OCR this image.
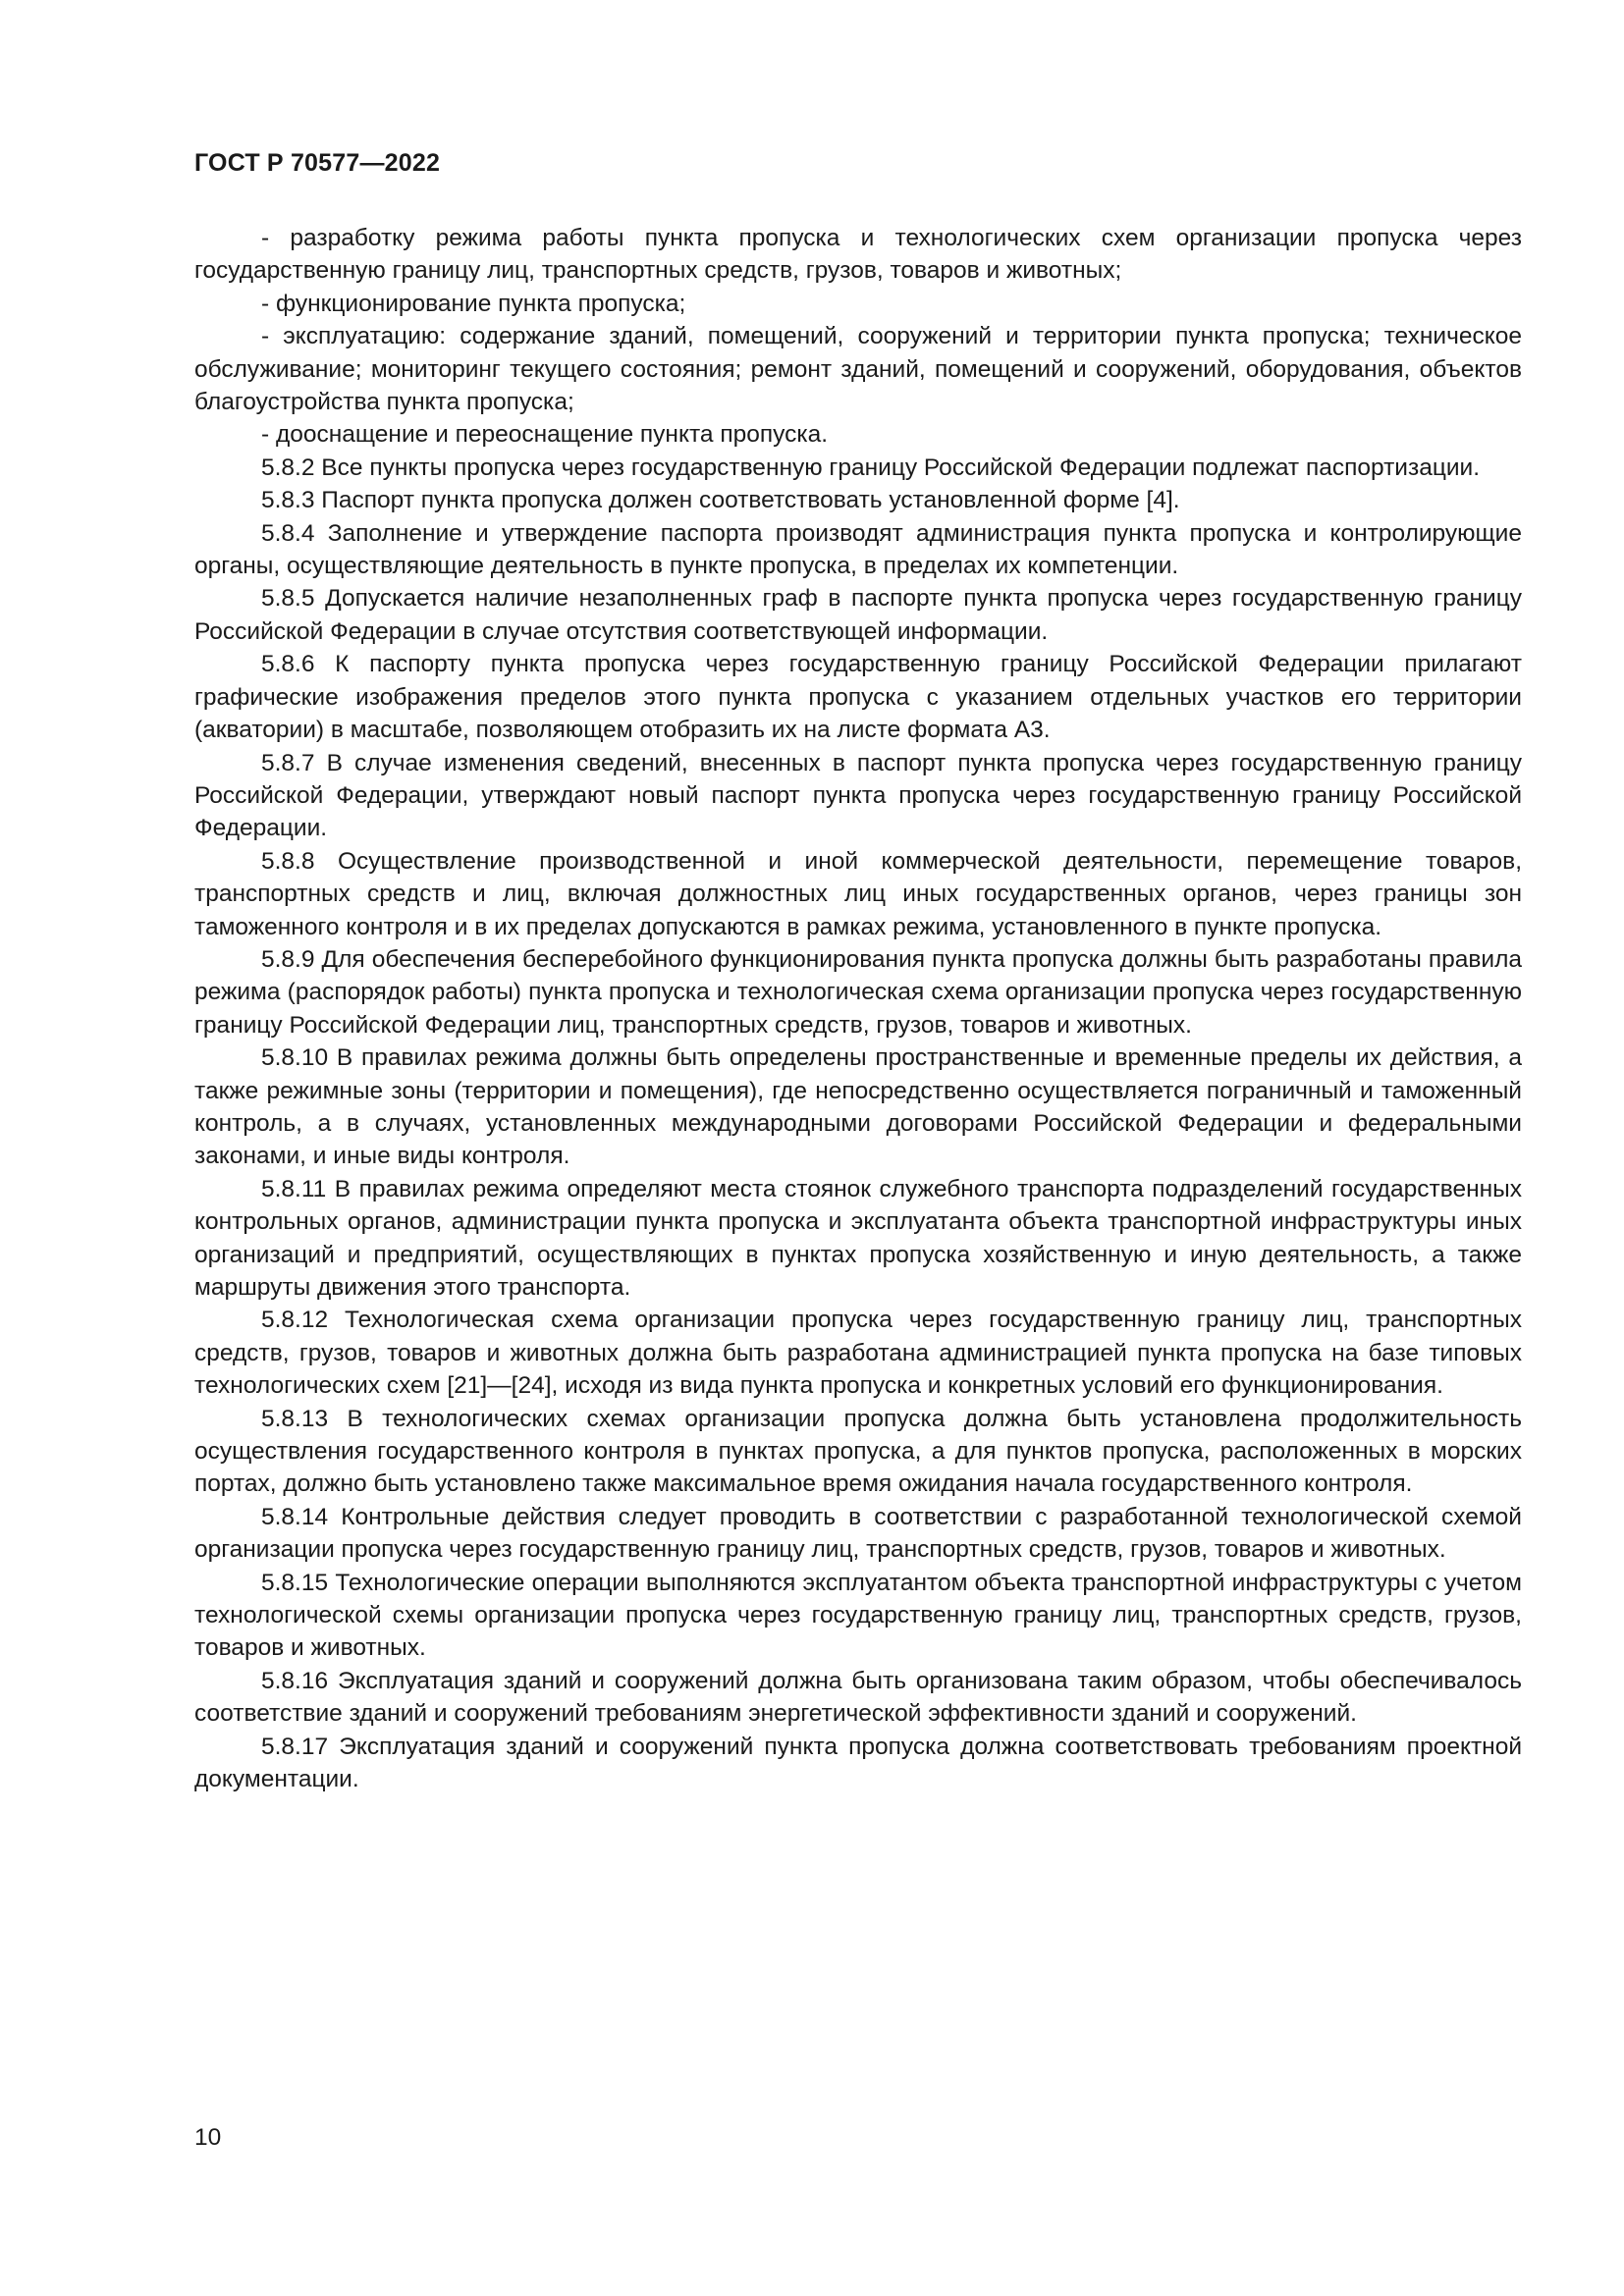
ГОСТ Р 70577—2022

- разработку режима работы пункта пропуска и технологических схем организации пропуска через государственную границу лиц, транспортных средств, грузов, товаров и животных;

- функционирование пункта пропуска;

- эксплуатацию: содержание зданий, помещений, сооружений и территории пункта пропуска; техническое обслуживание; мониторинг текущего состояния; ремонт зданий, помещений и сооружений, оборудования, объектов благоустройства пункта пропуска;

- дооснащение и переоснащение пункта пропуска.

5.8.2 Все пункты пропуска через государственную границу Российской Федерации подлежат паспортизации.

5.8.3 Паспорт пункта пропуска должен соответствовать установленной форме [4].

5.8.4 Заполнение и утверждение паспорта производят администрация пункта пропуска и контролирующие органы, осуществляющие деятельность в пункте пропуска, в пределах их компетенции.

5.8.5 Допускается наличие незаполненных граф в паспорте пункта пропуска через государственную границу Российской Федерации в случае отсутствия соответствующей информации.

5.8.6 К паспорту пункта пропуска через государственную границу Российской Федерации прилагают графические изображения пределов этого пункта пропуска с указанием отдельных участков его территории (акватории) в масштабе, позволяющем отобразить их на листе формата А3.

5.8.7 В случае изменения сведений, внесенных в паспорт пункта пропуска через государственную границу Российской Федерации, утверждают новый паспорт пункта пропуска через государственную границу Российской Федерации.

5.8.8 Осуществление производственной и иной коммерческой деятельности, перемещение товаров, транспортных средств и лиц, включая должностных лиц иных государственных органов, через границы зон таможенного контроля и в их пределах допускаются в рамках режима, установленного в пункте пропуска.

5.8.9 Для обеспечения бесперебойного функционирования пункта пропуска должны быть разработаны правила режима (распорядок работы) пункта пропуска и технологическая схема организации пропуска через государственную границу Российской Федерации лиц, транспортных средств, грузов, товаров и животных.

5.8.10 В правилах режима должны быть определены пространственные и временные пределы их действия, а также режимные зоны (территории и помещения), где непосредственно осуществляется пограничный и таможенный контроль, а в случаях, установленных международными договорами Российской Федерации и федеральными законами, и иные виды контроля.

5.8.11 В правилах режима определяют места стоянок служебного транспорта подразделений государственных контрольных органов, администрации пункта пропуска и эксплуатанта объекта транспортной инфраструктуры иных организаций и предприятий, осуществляющих в пунктах пропуска хозяйственную и иную деятельность, а также маршруты движения этого транспорта.

5.8.12 Технологическая схема организации пропуска через государственную границу лиц, транспортных средств, грузов, товаров и животных должна быть разработана администрацией пункта пропуска на базе типовых технологических схем [21]—[24], исходя из вида пункта пропуска и конкретных условий его функционирования.

5.8.13 В технологических схемах организации пропуска должна быть установлена продолжительность осуществления государственного контроля в пунктах пропуска, а для пунктов пропуска, расположенных в морских портах, должно быть установлено также максимальное время ожидания начала государственного контроля.

5.8.14 Контрольные действия следует проводить в соответствии с разработанной технологической схемой организации пропуска через государственную границу лиц, транспортных средств, грузов, товаров и животных.

5.8.15 Технологические операции выполняются эксплуатантом объекта транспортной инфраструктуры с учетом технологической схемы организации пропуска через государственную границу лиц, транспортных средств, грузов, товаров и животных.

5.8.16 Эксплуатация зданий и сооружений должна быть организована таким образом, чтобы обеспечивалось соответствие зданий и сооружений требованиям энергетической эффективности зданий и сооружений.

5.8.17 Эксплуатация зданий и сооружений пункта пропуска должна соответствовать требованиям проектной документации.

10
